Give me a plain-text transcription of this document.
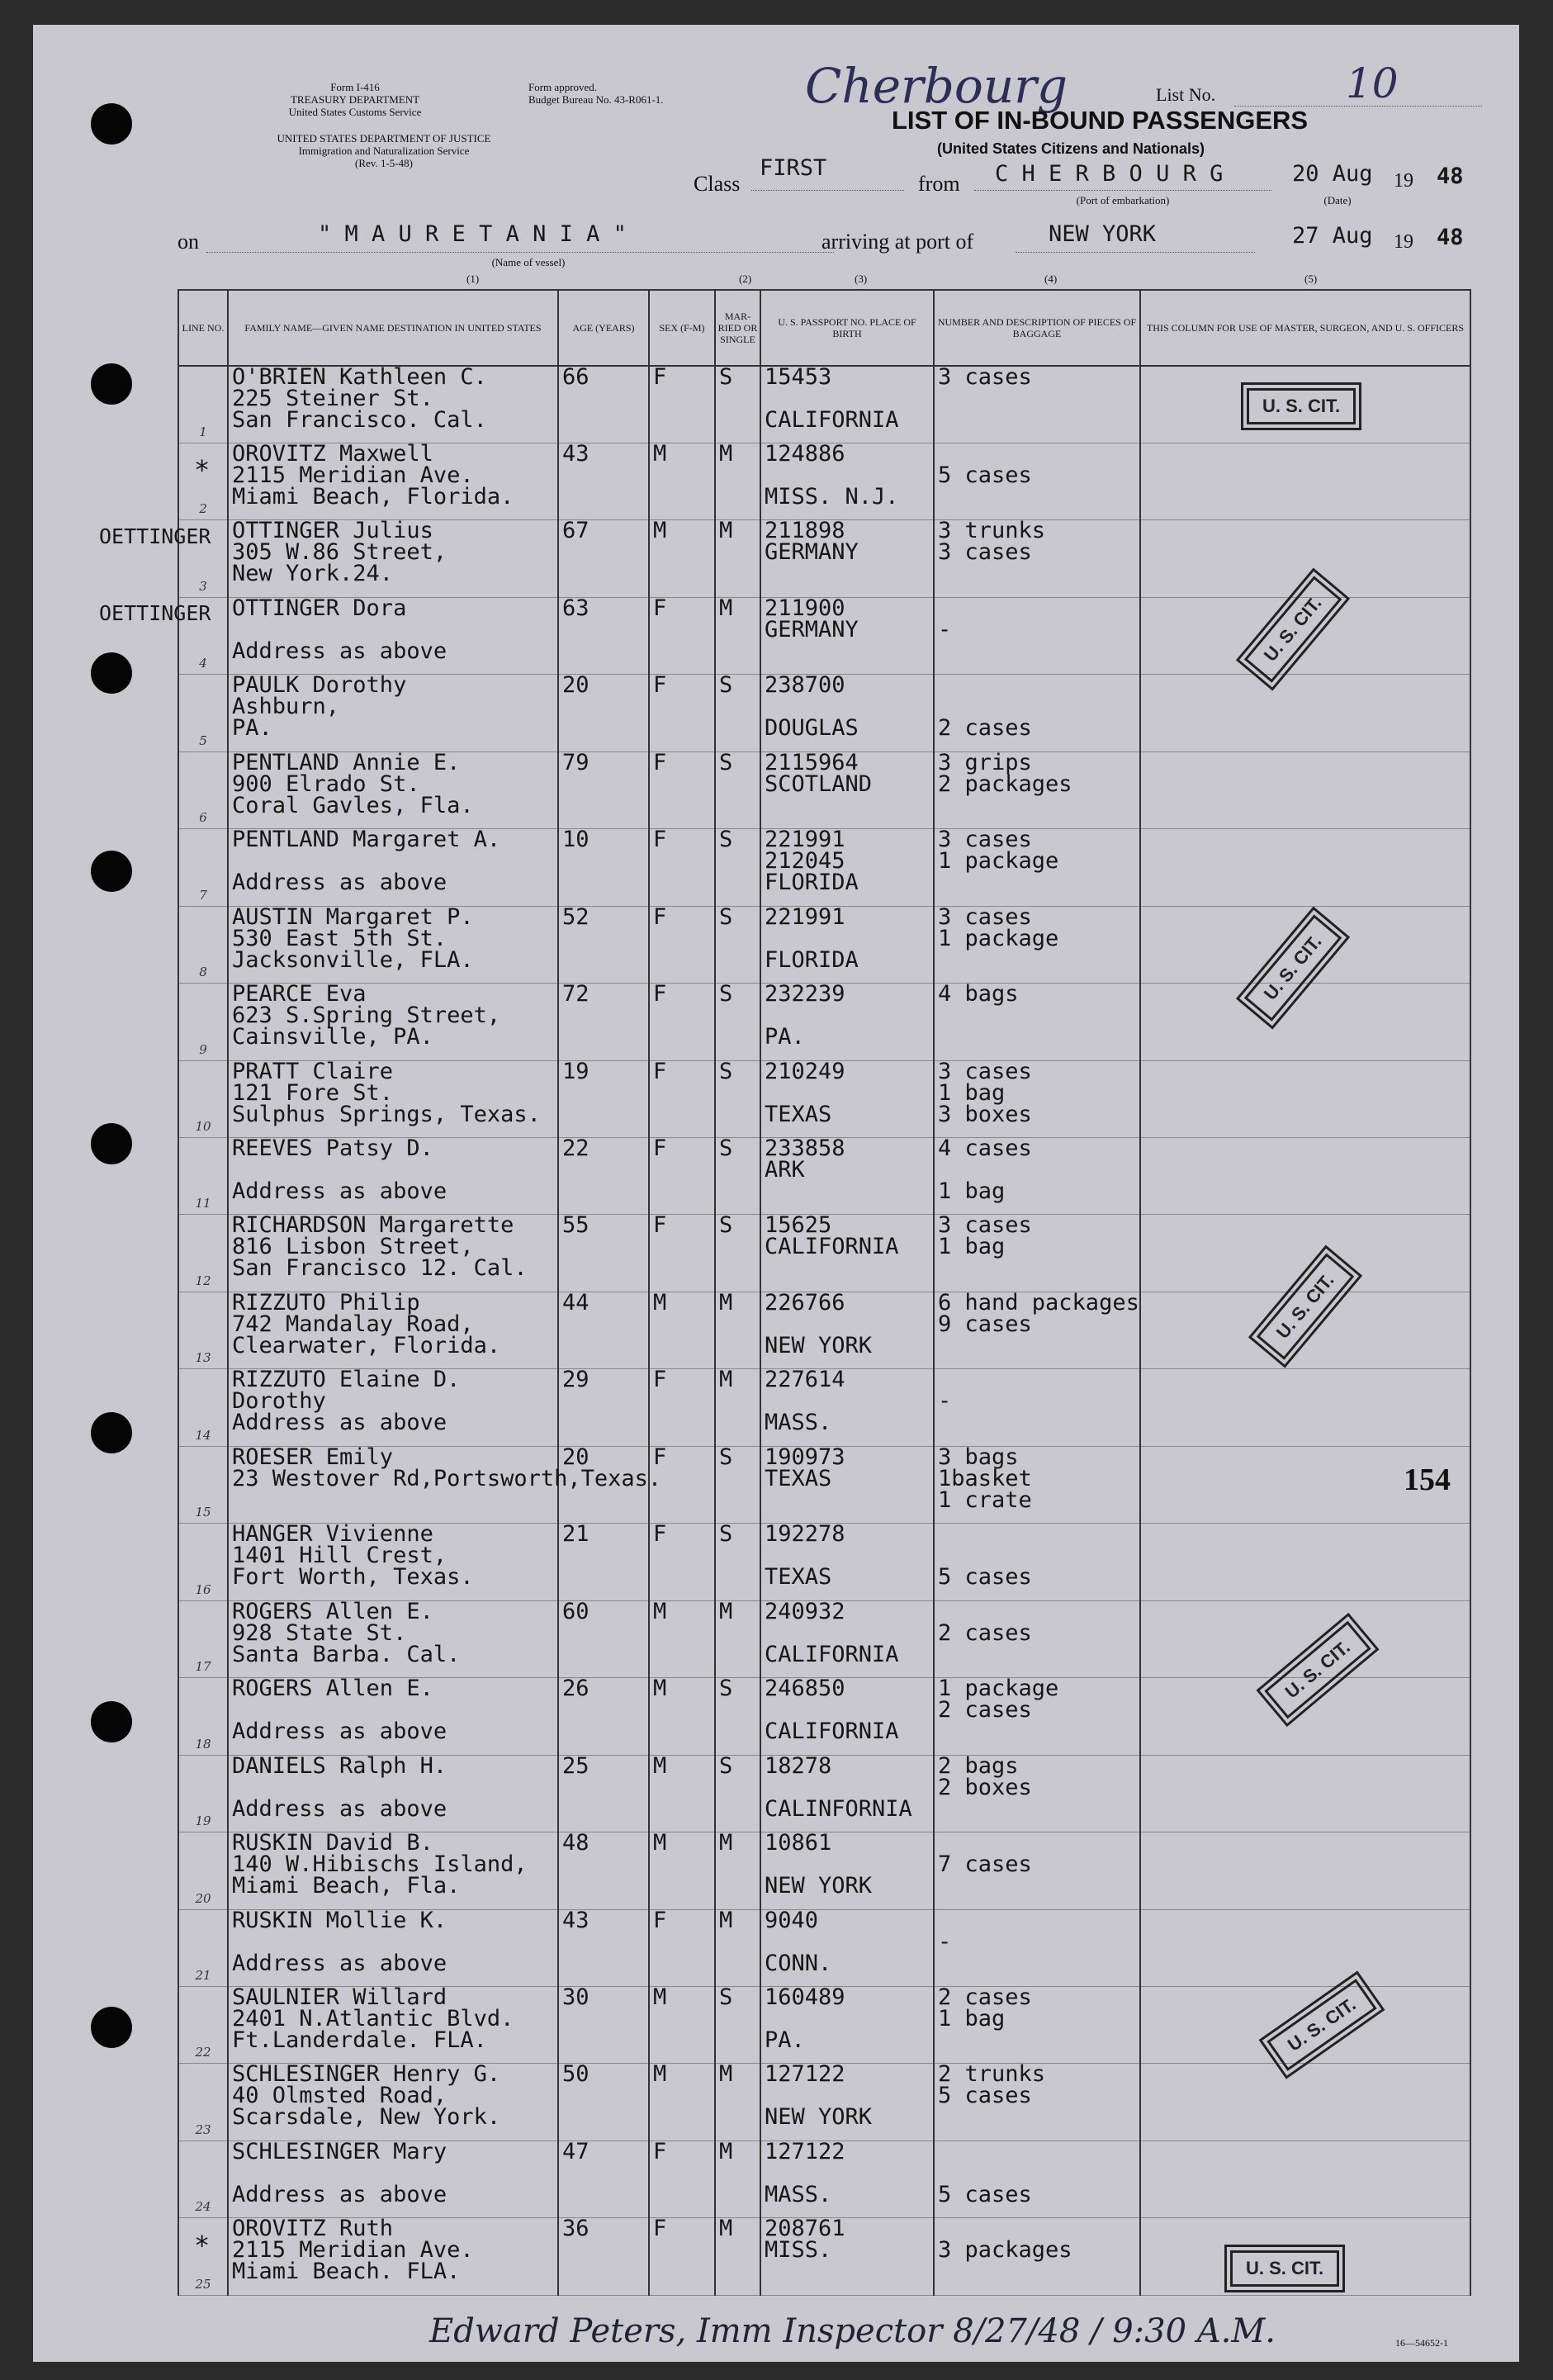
Form I-416
TREASURY DEPARTMENT
United States Customs Service
Form approved.
Budget Bureau No. 43-R061-1.	Cherbourg	List No.	10
LIST OF IN-BOUND PASSENGERS
(United States Citizens and Nationals)
UNITED STATES DEPARTMENT OF JUSTICE
Immigration and Naturalization Service
(Rev. 1-5-48)
Class
FIRST
from C H E R B O U R G
(Port of embarkation)
20 Aug 19 48
(Date)
on	" M A U R E T A N I A "
(Name of vessel)
arriving at port of	NEW YORK	27 Aug 19 48
(1)	(2)	(3)	(4)	(5)
LINE NO.	FAMILY NAME—GIVEN NAME DESTINATION IN UNITED STATES	AGE (YEARS)	SEX (F-M)	MAR-RIED OR SINGLE	U. S. PASSPORT NO. PLACE OF BIRTH	NUMBER AND DESCRIPTION OF PIECES OF BAGGAGE	THIS COLUMN FOR USE OF MASTER, SURGEON, AND U. S. OFFICERS
1	O'BRIEN Kathleen C.
225 Steiner St.
San Francisco. Cal.	66	F	S	15453

CALIFORNIA	3 cases	

2	OROVITZ Maxwell
2115 Meridian Ave.
Miami Beach, Florida.	43	M	M	124886

MISS. N.J.	5 cases	

3	OTTINGER Julius
305 W.86 Street,
New York.24.	67	M	M	211898
GERMANY	3 trunks
3 cases	

4	OTTINGER Dora

Address as above	63	F	M	211900
GERMANY	-	

5	PAULK Dorothy
Ashburn,
PA.	20	F	S	238700

DOUGLAS	2 cases	

6	PENTLAND Annie E.
900 Elrado St.
Coral Gavles, Fla.	79	F	S	2115964
SCOTLAND	3 grips
2 packages	

7	PENTLAND Margaret A.

Address as above	10	F	S	221991
212045
FLORIDA	3 cases
1 package	

8	AUSTIN Margaret P.
530 East 5th St.
Jacksonville, FLA.	52	F	S	221991

FLORIDA	3 cases
1 package	

9	PEARCE Eva
623 S.Spring Street,
Cainsville, PA.	72	F	S	232239

PA.	4 bags	

10	PRATT Claire
121 Fore St.
Sulphus Springs, Texas.	19	F	S	210249

TEXAS	3 cases
1 bag
3 boxes	

11	REEVES Patsy D.

Address as above	22	F	S	233858
ARK	4 cases

1 bag	

12	RICHARDSON Margarette
816 Lisbon Street,
San Francisco 12. Cal.	55	F	S	15625
CALIFORNIA	3 cases
1 bag	

13	RIZZUTO Philip
742 Mandalay Road,
Clearwater, Florida.	44	M	M	226766

NEW YORK	6 hand packages
9 cases	

14	RIZZUTO Elaine D.
Dorothy
Address as above	29	F	M	227614

MASS.	-	

15	ROESER Emily
23 Westover Rd,Portsworth,Texas.	20	F	S	190973
TEXAS	3 bags
1basket
1 crate	

16	HANGER Vivienne
1401 Hill Crest,
Fort Worth, Texas.	21	F	S	192278

TEXAS	5 cases	

17	ROGERS Allen E.
928 State St.
Santa Barba. Cal.	60	M	M	240932

CALIFORNIA	2 cases	

18	ROGERS Allen E.

Address as above	26	M	S	246850

CALIFORNIA	1 package
2 cases	

19	DANIELS Ralph H.

Address as above	25	M	S	18278

CALINFORNIA	2 bags
2 boxes	

20	RUSKIN David B.
140 W.Hibischs Island,
Miami Beach, Fla.	48	M	M	10861

NEW YORK	7 cases	

21	RUSKIN Mollie K.

Address as above	43	F	M	9040

CONN.	-	

22	SAULNIER Willard
2401 N.Atlantic Blvd.
Ft.Landerdale. FLA.	30	M	S	160489

PA.	2 cases
1 bag	

23	SCHLESINGER Henry G.
40 Olmsted Road,
Scarsdale, New York.	50	M	M	127122

NEW YORK	2 trunks
5 cases	

24	SCHLESINGER Mary

Address as above	47	F	M	127122

MASS.	5 cases	

25	OROVITZ Ruth
2115 Meridian Ave.
Miami Beach. FLA.	36	F	M	208761
MISS.	3 packages	

OETTINGER
OETTINGER
*
*
U. S. CIT.
U. S. CIT.
U. S. CIT.
U. S. CIT.
U. S. CIT.
U. S. CIT.
U. S. CIT.
154
Edward Peters, Imm Inspector 8/27/48 / 9:30 A.M.	16—54652-1
